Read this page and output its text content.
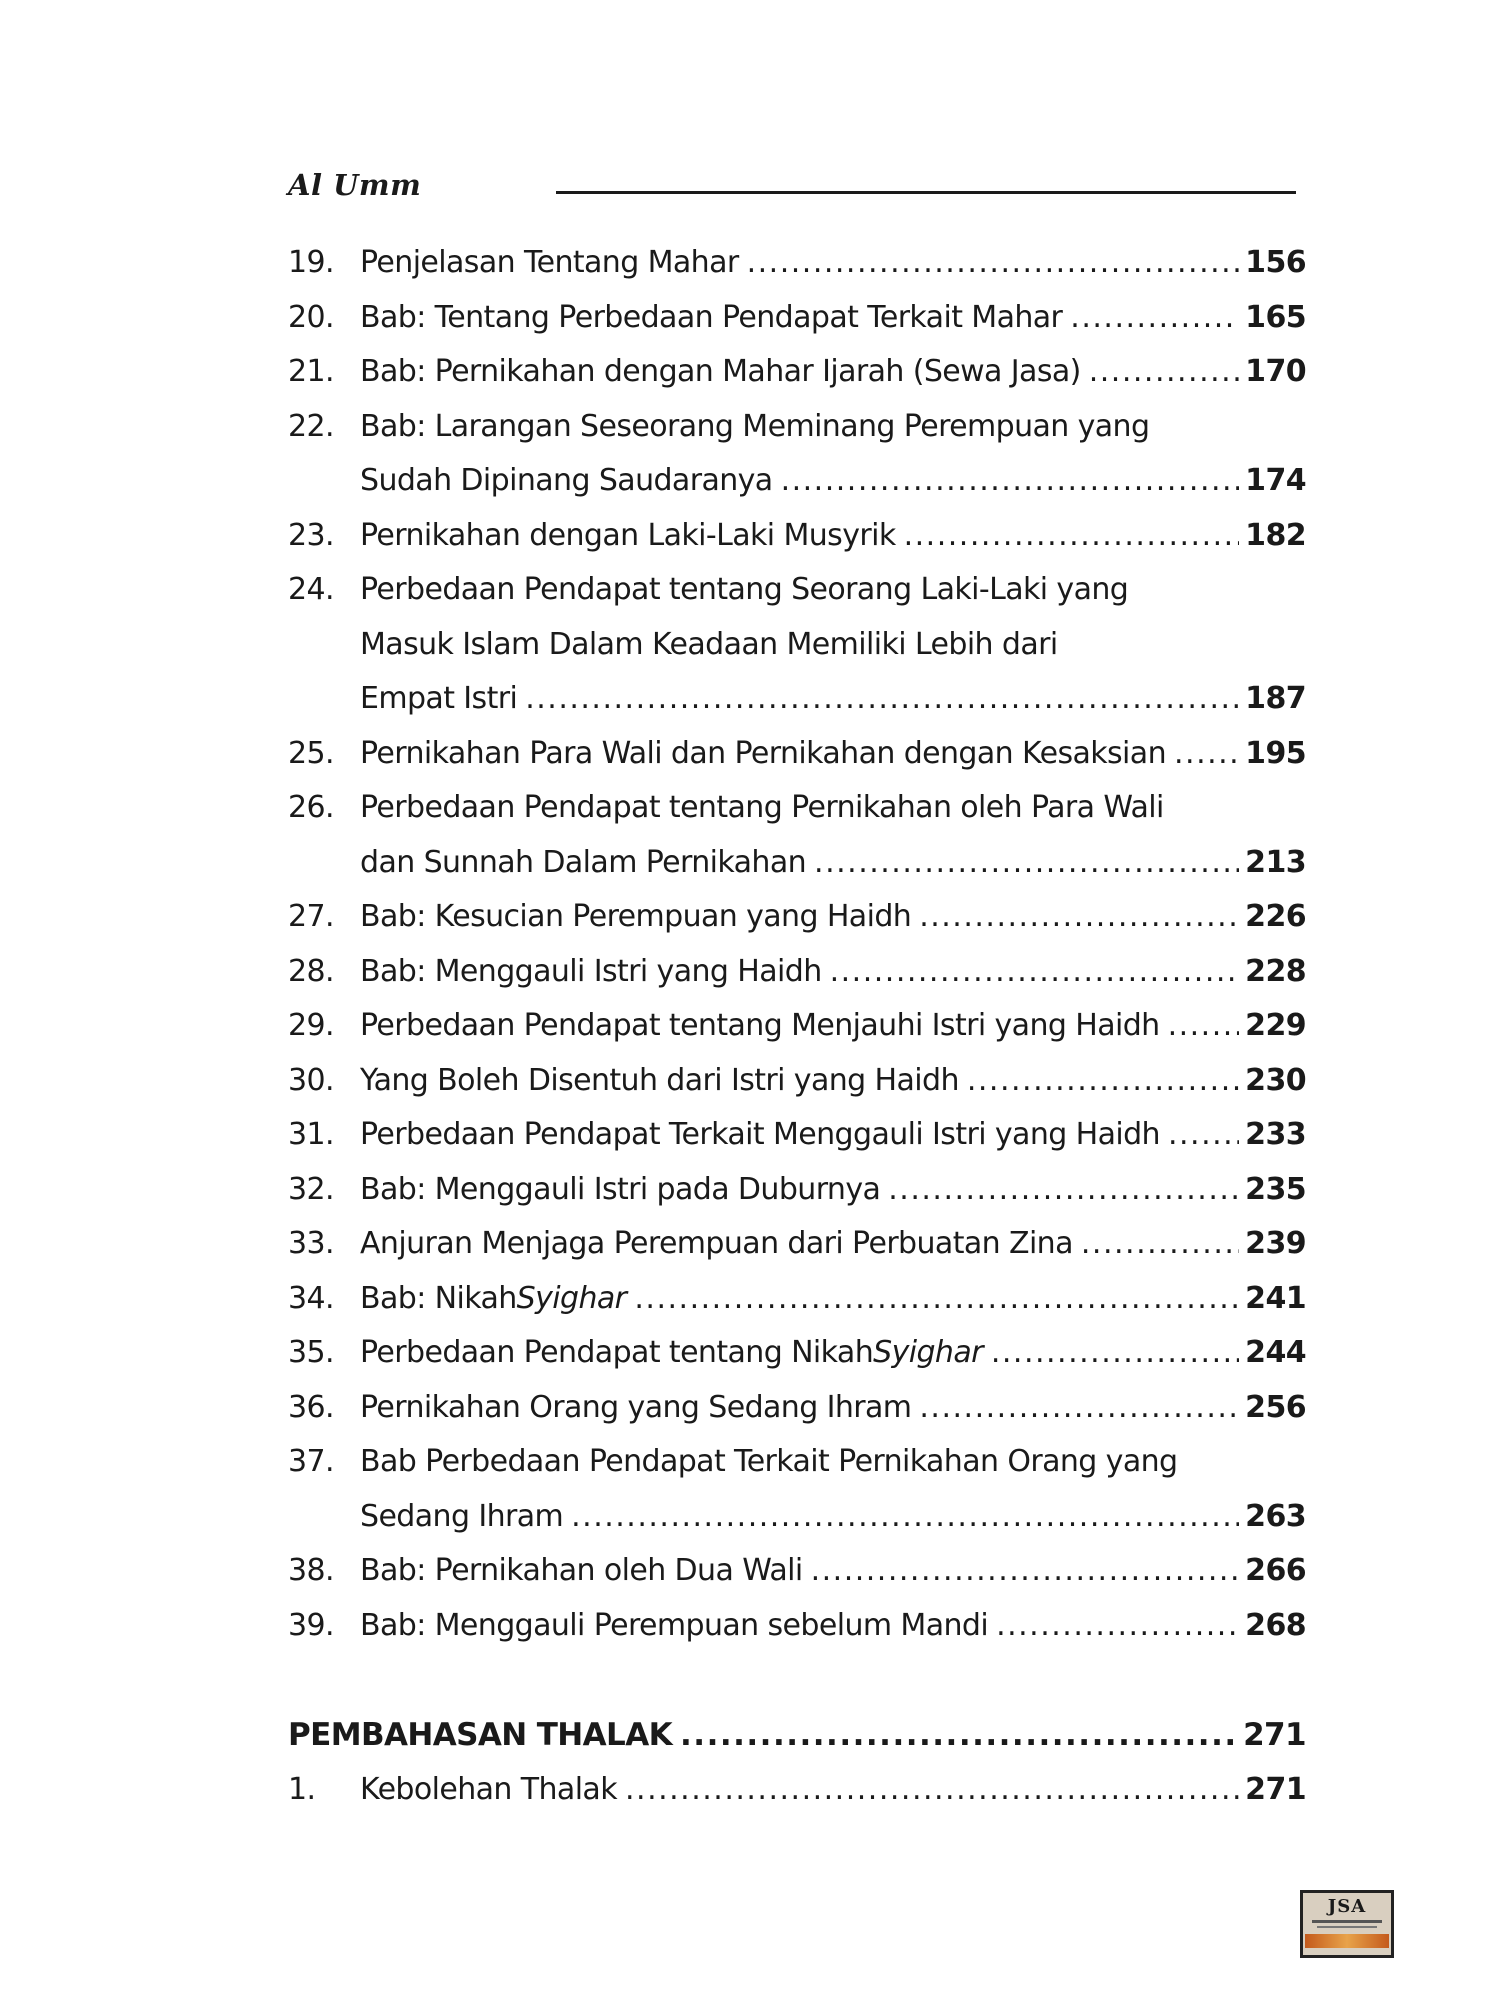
Al Umm
19. Penjelasan Tentang Mahar .....	156
20. Bab: Tentang Perbedaan Pendapat Terkait Mahar .....	165
21. Bab: Pernikahan dengan Mahar Ijarah (Sewa Jasa) .....	170
22. Bab: Larangan Seseorang Meminang Perempuan yang
Sudah Dipinang Saudaranya .....	174
23. Pernikahan dengan Laki-Laki Musyrik .....	182
24. Perbedaan Pendapat tentang Seorang Laki-Laki yang
Masuk Islam Dalam Keadaan Memiliki Lebih dari
Empat Istri .....	187
25. Pernikahan Para Wali dan Pernikahan dengan Kesaksian .....	195
26. Perbedaan Pendapat tentang Pernikahan oleh Para Wali
dan Sunnah Dalam Pernikahan .....	213
27. Bab: Kesucian Perempuan yang Haidh .....	226
28. Bab: Menggauli Istri yang Haidh .....	228
29. Perbedaan Pendapat tentang Menjauhi Istri yang Haidh .....	229
30. Yang Boleh Disentuh dari Istri yang Haidh .....	230
31. Perbedaan Pendapat Terkait Menggauli Istri yang Haidh .....	233
32. Bab: Menggauli Istri pada Duburnya .....	235
33. Anjuran Menjaga Perempuan dari Perbuatan Zina .....	239
34. Bab: Nikah Syighar .....	241
35. Perbedaan Pendapat tentang Nikah Syighar .....	244
36. Pernikahan Orang yang Sedang Ihram .....	256
37. Bab Perbedaan Pendapat Terkait Pernikahan Orang yang
Sedang Ihram .....	263
38. Bab: Pernikahan oleh Dua Wali .....	266
39. Bab: Menggauli Perempuan sebelum Mandi .....	268
PEMBAHASAN THALAK .....	271
1.	Kebolehan Thalak .....	271
JSA
